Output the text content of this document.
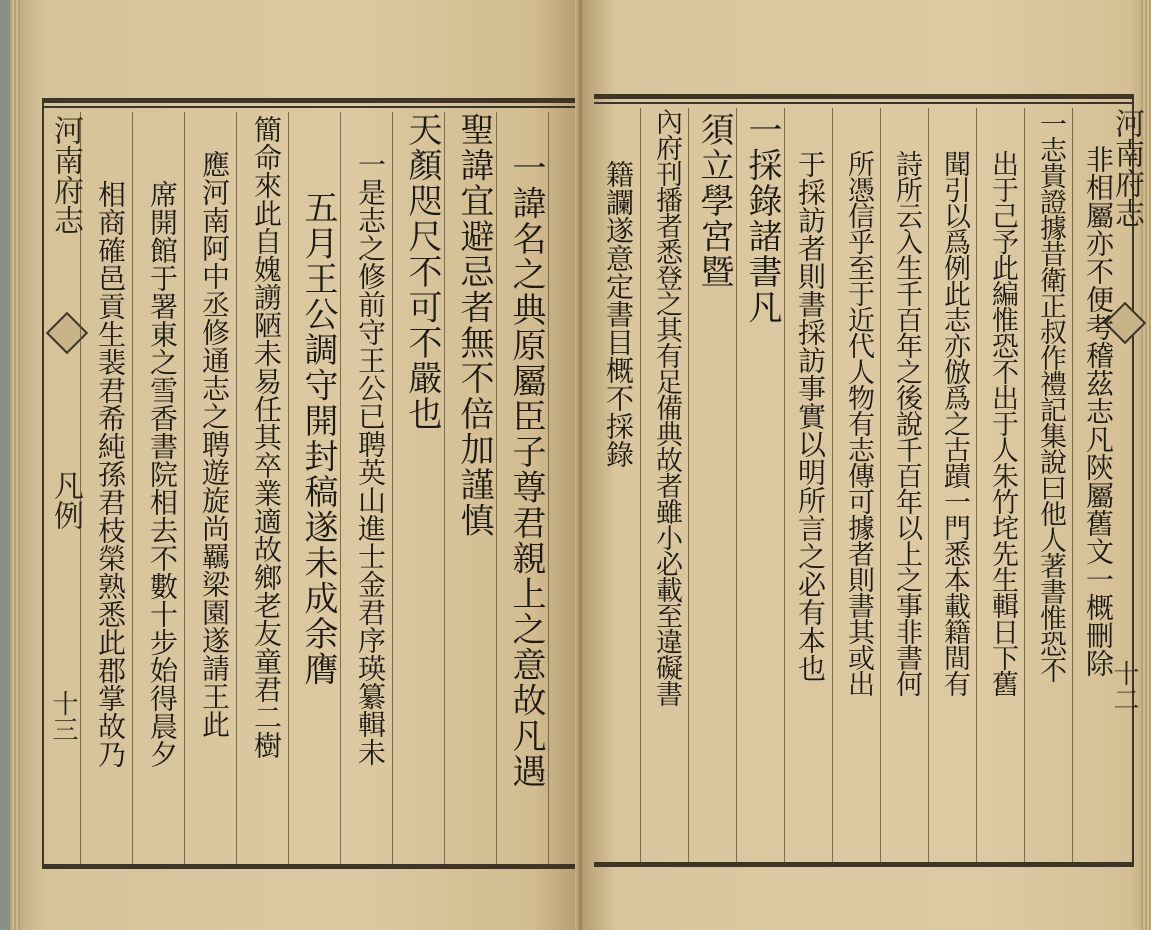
河南府志
凡例
十三	一諱名之典原屬臣子尊君親上之意故凡遇
聖諱宜避忌者無不倍加謹慎
天顏咫尺不可不嚴也
一是志之修前守王公已聘英山進士金君序瑛纂輯未
五月王公調守開封稿遂未成余膺
簡命來此自媿謭陋未易任其卒業適故鄉老友童君二樹
應河南阿中丞修通志之聘遊旋尚羈梁園遂請王此
席開館于署東之雪香書院相去不數十步始得晨夕
相商確邑貢生裴君希純孫君枝榮熟悉此郡掌故乃
河南府志
十二
非相屬亦不便考稽茲志凡陝屬舊文一概刪除
一志貴證據昔衛正叔作禮記集說曰他人著書惟恐不
出于己予此編惟恐不出于人朱竹垞先生輯日下舊
聞引以爲例此志亦倣爲之古蹟一門悉本載籍間有
詩所云入生千百年之後說千百年以上之事非書何
所憑信乎至于近代人物有志傳可據者則書其或出
于採訪者則書採訪事實以明所言之必有本也
一採錄諸書凡
須立學宮暨
內府刊播者悉登之其有足備典故者雖小必載至違礙書
籍讕遂意定書目概不採錄
